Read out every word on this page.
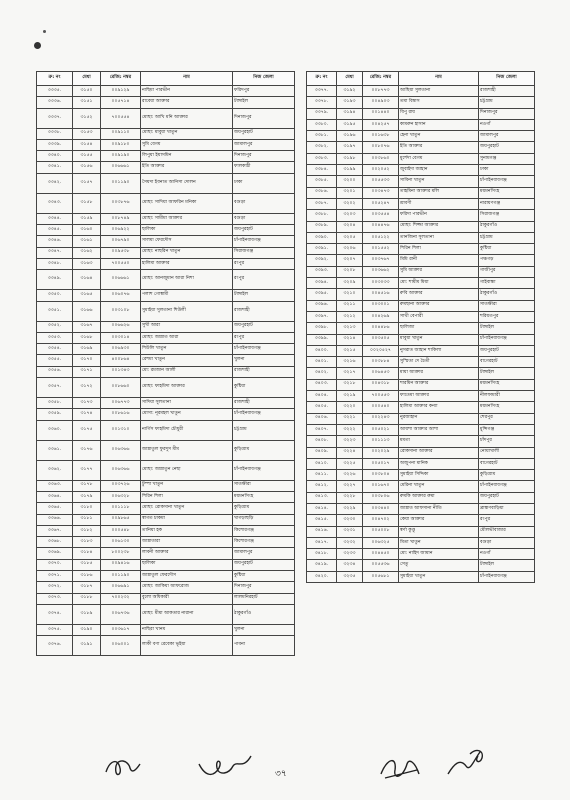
ক্র: নং	মেধা	রেজি: নম্বর	নাম	নিজ জেলা
৩৩৩৫.	৩১৫০	০০৯১২৯	নাছিমা পারভীন	ফরিদপুর
৩৩৩৬.	৩১৫১	০০৫৭১৪	রাবেয়া আক্তার	টাঙ্গাইল
৩৩৩৭.	৩১৫২	৭০০৫৫৪	মোছা: আখি মনি আক্তার	দিনাজপুর
৩৩৩৮.	৩১৫৩	০০৯১১০	মোছা: মাবুয়া খাতুন	জয়পুরহাট
৩৩৩৯.	৩১৫৪	০০৯১৮০	সুমি বেগম	জামালপুর
৩৩৪০.	৩১৫৫	০০৯১৯০	লিপুয়া ইয়াসমিন	দিনাজপুর
৩৩৪১.	৩১৫৬	০০৬৬৬১	ইতি আক্তার	ফালকাঠী
৩৩৪২.	৩১৫৭	০০১১৯০	সৈয়দা ইবনাত আনিসা দোলন	ঢাকা
৩৩৪৩.	৩১৫৮	০০৩৮৭৬	মোছা: সাদিয়া আফরিন মনিকা	বগুড়া
৩৩৪৪.	৩১৫৯	০০৮৭৪৯	মোছা: সামীমা আক্তার	বগুড়া
৩৩৪৫.	৩১৬০	০০৬৯২২	ছালিকা	জয়পুরহাট
৩৩৪৬.	৩১৬১	০০৬৭৯০	সালমা ফেরদৌস	চাঁপাইনবাবগঞ্জ
৩৩৪৭.	৩১৬২	০০৯৫৩৮	মোছা: নাছরিন খাতুন	সিরাজগঞ্জ
৩৩৪৮.	৩১৬৩	৭০০৫৫০	হালিমা আক্তার	রংপুর
৩৩৪৯.	৩১৬৪	০০৬৬৬১	মোছা: আনজুমান আরা নিশা	রংপুর
৩৩৫০.	৩১৬৫	০০৬০৭৬	পলাশ গোস্বামী	টাঙ্গাইল
৩৩৫১.	৩১৬৬	০০৩১০৮	সুমাইয়া সুলতানা শিউলী	রাজশাহী
৩৩৫২.	৩১৬৭	০০৬৬২৬	সুখী আরা	জয়পুরহাট
৩৩৫৩.	৩১৬৮	০০৩০১৪	মোছা: জান্নাত আরা	রংপুর
৩৩৫৪.	৩১৬৯	০০৬৯৩০	শিউলি খাতুন	চাঁপাইনবাবগঞ্জ
৩৩৫৫.	৩১৭০	৪০০৮৬৪	রেশমা খাতুন	খুলনা
৩৩৫৬.	৩১৭১	০০১৩৪৩	মো: রমজান আলী	রাজশাহী
৩৩৫৭.	৩১৭২	০০৮৬৬০	মোছা: ফাহমিদা আক্তার	কুষ্টিয়া
৩৩৫৮.	৩১৭৩	০০৬৭৭৩	সাদিয়া সুলতানা	রাজশাহী
৩৩৫৯.	৩১৭৪	০০৮৬১৬	মোসা: নূরমহল খাতুন	চাঁপাইনবাবগঞ্জ
৩৩৬০.	৩১৭৫	০০১৩১০	নার্গিস ফাহমিদা চৌধুরী	চট্টগ্রাম
৩৩৬১.	৩১৭৬	০০৬৩৬৬	জান্নাতুল ফুরদুস মীম	কুড়িগ্রাম
৩৩৬২.	৩১৭৭	০০৬৩৬৬	মোছা: জান্নাতুন নেছা	চাঁপাইনবাবগঞ্জ
৩৩৬৩.	৩১৭৮	০০৩৭২৬	টুম্পা খাতুন	সাতক্ষীরা
৩৩৬৪.	৩১৭৯	০০৬৩২৮	শিরিন শিলা	ময়মনসিংহ
৩৩৬৫.	৩১৮০	০০১১১৮	মোছা: রোকসানা খাতুন	কুড়িগ্রাম
৩৩৬৬.	৩১৮১	০০৯৮৬৫	স্বাগত চাকমা	খাগড়াছড়ি
৩৩৬৭.	৩১৮২	০০০৫৪৮	তানিয়া হক	কিশোরগঞ্জ
৩৩৬৮.	৩১৮৩	০০৬১৩০	জান্নাতারা	কিশোরগঞ্জ
৩৩৬৯.	৩১৮৪	৮০০২৩৮	লাবনী আক্তার	জামালপুর
৩৩৭০.	৩১৮৫	০০৯৪১৬	ছালিকা	জয়পুরহাট
৩৩৭১.	৩১৮৬	০০১১৯০	জান্নাতুল ফেরদৌস	কুষ্টিয়া
৩৩৭২.	৩১৮৭	০০৬৬৯১	মোছা: জাকিয়া আফরোজ	দিনাজপুর
৩৩৭৩.	৩১৮৮	৭০০২৩২	বুলো অধিকারী	লালমনিরহাট
৩৩৭৪.	৩১৮৯	০০৬৭৩৬	মোছা: মীমা আকতার নারানা	ঠাকুরগাঁও
৩৩৭৫.	৩১৯০	০০৩৬১৭	নাছিরা খানম	খুলনা
৩৩৭৬.	৩১৯১	০০৬০০১	লাকী বণা রেবেকা ভূইয়া	পাবনা
ক্র: নং	মেধা	রেজি: নম্বর	নাম	নিজ জেলা
৩৩৭৭.	৩১৯২	০০৮৭৭৩	আছিয়া সুলতানা	রাজশাহী
৩৩৭৮.	৩১৯৩	০০৪৯০৩	তমা বিশ্বাস	চট্টগ্রাম
৩৩৭৯.	৩১৯৪	০০১৪৪০	বিপু রায়	দিনাজপুর
৩৩৮০.	৩১৯৫	০০৪২৫৭	কামরুন হাসান	নওগাঁ
৩৩৮১.	৩১৯৬	০০১৬৩৮	হেনা খাতুন	জামালপুর
৩৩৮২.	৩১৯৭	০০৮০৭৬	ইতি আক্তার	জয়পুরহাট
৩৩৮৩.	৩১৯৮	০০৩৮৬০	মুর্শেদা বেগম	সুনামগঞ্জ
৩৩৮৪.	৩১৯৯	০০২০৫২	জুবাইদা জাহান	ঢাকা
৩৩৮৫.	৩২০০	০০৫৫৩৩	সাবিনা খাতুন	চাঁপাইনবাবগঞ্জ
৩৩৮৬.	৩২০১	০০৩৪৭৩	তাহমিনা আক্তার মলি	ময়মনসিংহ
৩৩৮৭.	৩২০২	০০৫২৪৭	শ্রাবণী	নারায়ণগঞ্জ
৩৩৮৮.	৩২০৩	০০৩৫৫৪	ফরিদা পারভীন	সিরাজগঞ্জ
৩৩৮৯.	৩২০৪	০০৪৪৭৬	মোছা: শিজ্জা আক্তার	ঠাকুরগাঁও
৩৩৯০.	৩২০৫	০০৫১২২	তানজিনা সুলতানা	চট্টগ্রাম
৩৩৯১.	৩২০৬	০০১৫৫২	শিরিন শিলা	কুষ্টিয়া
৩৩৯২.	৩২০৭	০০৩৭৬৭	মিমি রানী	পঞ্চগড়
৩৩৯৩.	৩২০৮	০০৩৬৬২	সুমি আক্তার	গাজীপুর
৩৩৯৪.	৩২০৯	০০৩০৩৩	মো: শামীম মিয়া	গাইবান্ধা
৩৩৯৫.	৩২১০	০০৪৫১৬	রুবি আক্তার	ঠাকুরগাঁও
৩৩৯৬.	৩২১১	০০৩০০১	রুমছানা আক্তার	সাতক্ষীরা
৩৩৯৭.	৩২১২	০০৪২৬৯	সাথী বেপারী	শরিয়তপুর
৩৩৯৮.	৩২১৩	০০৪৪৮৬	ছালিজা	টাঙ্গাইল
৩৩৯৯.	৩২১৪	০০৩৫০৫	মাবুয়া খাতুন	চাঁপাইনবাবগঞ্জ
৩৪০০.	৩২১৫	০০২০৫২৭	নুসরাত জাহান শাকিলা	জয়পুরহাট
৩৪০১.	৩২১৬	০০৩৮৮৪	সুস্মিতা দে চৈতী	বাগেরহাট
৩৪০২.	৩২১৭	০০৬৪৫৩	মায়া আক্তার	টাঙ্গাইল
৩৪০৩.	৩২১৮	০০৪৩১৮	শারমিন আক্তার	ময়মনসিংহ
৩৪০৪.	৩২১৯	৭০০৫৫৩	ফাতেমা আক্তার	নীলফামারী
৩৪০৫.	৩২২০	০০০৫৪০	হালিমা আক্তার কন্যা	ময়মনসিংহ
৩৪০৬.	৩২২১	০০২২৪৩	নুরজাহান	শেরপুর
৩৪০৭.	৩২২২	০০৫০২১	আয়শা আক্তার আশা	মুন্সিগঞ্জ
৩৪০৮.	৩২২৩	০০১১১৩	মমতা	চাঁদপুর
৩৪০৯.	৩২২৪	০০২০২৯	রোকসানা আক্তার	নোয়াখালী
৩৪১০.	৩২২৫	০০৫০১৭	অজুপনা মানিক	বাগেরহাট
৩৪১১.	৩২২৬	০০৩৮০৪	সুমাইয়া সিদ্দিকা	কুড়িগ্রাম
৩৪১২.	৩২২৭	০০১৬৭০	মেরিনা খাতুন	চাঁপাইনবাবগঞ্জ
৩৪১৩.	৩২২৮	০০৩৮০৬	রুমকি আক্তার রুমা	জয়পুরহাট
৩৪১৪.	৩২২৯	০০৩৪৪০	জান্নাত আফসানা নীতি	ব্রাহ্মণবাড়িয়া
৩৪১৫.	৩২৩০	০০৪৭০২	কেয়া আক্তার	রংপুর
৩৪১৬.	৩২৩১	০০৫০০৮	স্বর্ণা কুণ্ডু	মৌলভীবাজার
৩৪১৭.	৩২৩২	০০৬৩২৫	মিতা খাতুন	বগুড়া
৩৪১৮.	৩২৩৩	০০৪৪৫০	মো: নাহিদ জামান	নওগাঁ
৩৪১৯.	৩২৩৪	০০৫৫৩৬	সেতু	টাঙ্গাইল
৩৪২০.	৩২৩৫	০০৫৬৮১	সুমাইয়া খাতুন	চাঁপাইনবাবগঞ্জ
৩৭
